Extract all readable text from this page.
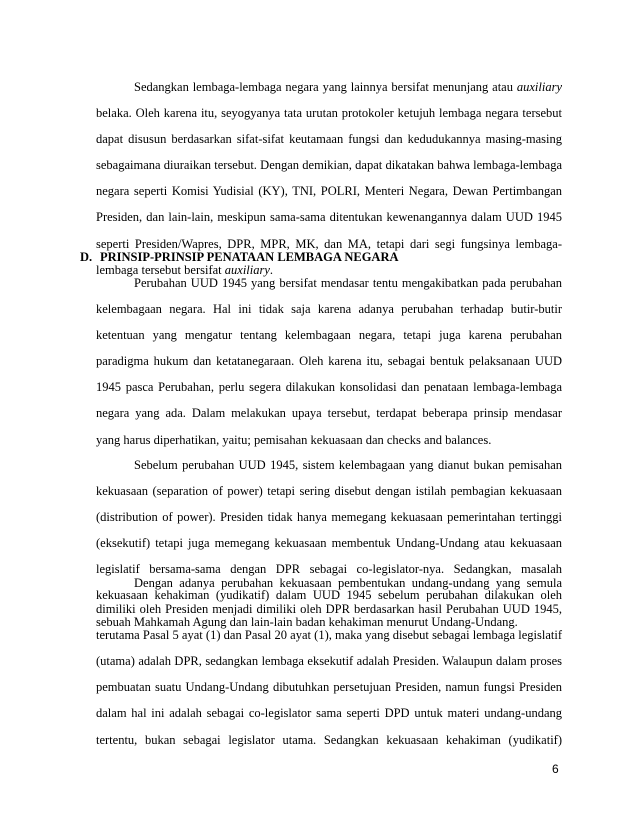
Sedangkan lembaga-lembaga negara yang lainnya bersifat menunjang atau auxiliary
belaka. Oleh karena itu, seyogyanya tata urutan protokoler ketujuh lembaga negara tersebut
dapat disusun berdasarkan sifat-sifat keutamaan fungsi dan kedudukannya masing-masing
sebagaimana diuraikan tersebut. Dengan demikian, dapat dikatakan bahwa lembaga-lembaga
negara seperti Komisi Yudisial (KY), TNI, POLRI, Menteri Negara, Dewan Pertimbangan
Presiden, dan lain-lain, meskipun sama-sama ditentukan kewenangannya dalam UUD 1945
seperti Presiden/Wapres, DPR, MPR, MK, dan MA, tetapi dari segi fungsinya lembaga-
lembaga tersebut bersifat auxiliary.
D. PRINSIP-PRINSIP PENATAAN LEMBAGA NEGARA
Perubahan UUD 1945 yang bersifat mendasar tentu mengakibatkan pada perubahan
kelembagaan negara. Hal ini tidak saja karena adanya perubahan terhadap butir-butir
ketentuan yang mengatur tentang kelembagaan negara, tetapi juga karena perubahan
paradigma hukum dan ketatanegaraan. Oleh karena itu, sebagai bentuk pelaksanaan UUD
1945 pasca Perubahan, perlu segera dilakukan konsolidasi dan penataan lembaga-lembaga
negara yang ada. Dalam melakukan upaya tersebut, terdapat beberapa prinsip mendasar
yang harus diperhatikan, yaitu; pemisahan kekuasaan dan checks and balances.
Sebelum perubahan UUD 1945, sistem kelembagaan yang dianut bukan pemisahan
kekuasaan (separation of power) tetapi sering disebut dengan istilah pembagian kekuasaan
(distribution of power). Presiden tidak hanya memegang kekuasaan pemerintahan tertinggi
(eksekutif) tetapi juga memegang kekuasaan membentuk Undang-Undang atau kekuasaan
legislatif bersama-sama dengan DPR sebagai co-legislator-nya. Sedangkan, masalah
kekuasaan kehakiman (yudikatif) dalam UUD 1945 sebelum perubahan dilakukan oleh
sebuah Mahkamah Agung dan lain-lain badan kehakiman menurut Undang-Undang.
Dengan adanya perubahan kekuasaan pembentukan undang-undang yang semula
dimiliki oleh Presiden menjadi dimiliki oleh DPR berdasarkan hasil Perubahan UUD 1945,
terutama Pasal 5 ayat (1) dan Pasal 20 ayat (1), maka yang disebut sebagai lembaga legislatif
(utama) adalah DPR, sedangkan lembaga eksekutif adalah Presiden. Walaupun dalam proses
pembuatan suatu Undang-Undang dibutuhkan persetujuan Presiden, namun fungsi Presiden
dalam hal ini adalah sebagai co-legislator sama seperti DPD untuk materi undang-undang
tertentu, bukan sebagai legislator utama. Sedangkan kekuasaan kehakiman (yudikatif)
6
